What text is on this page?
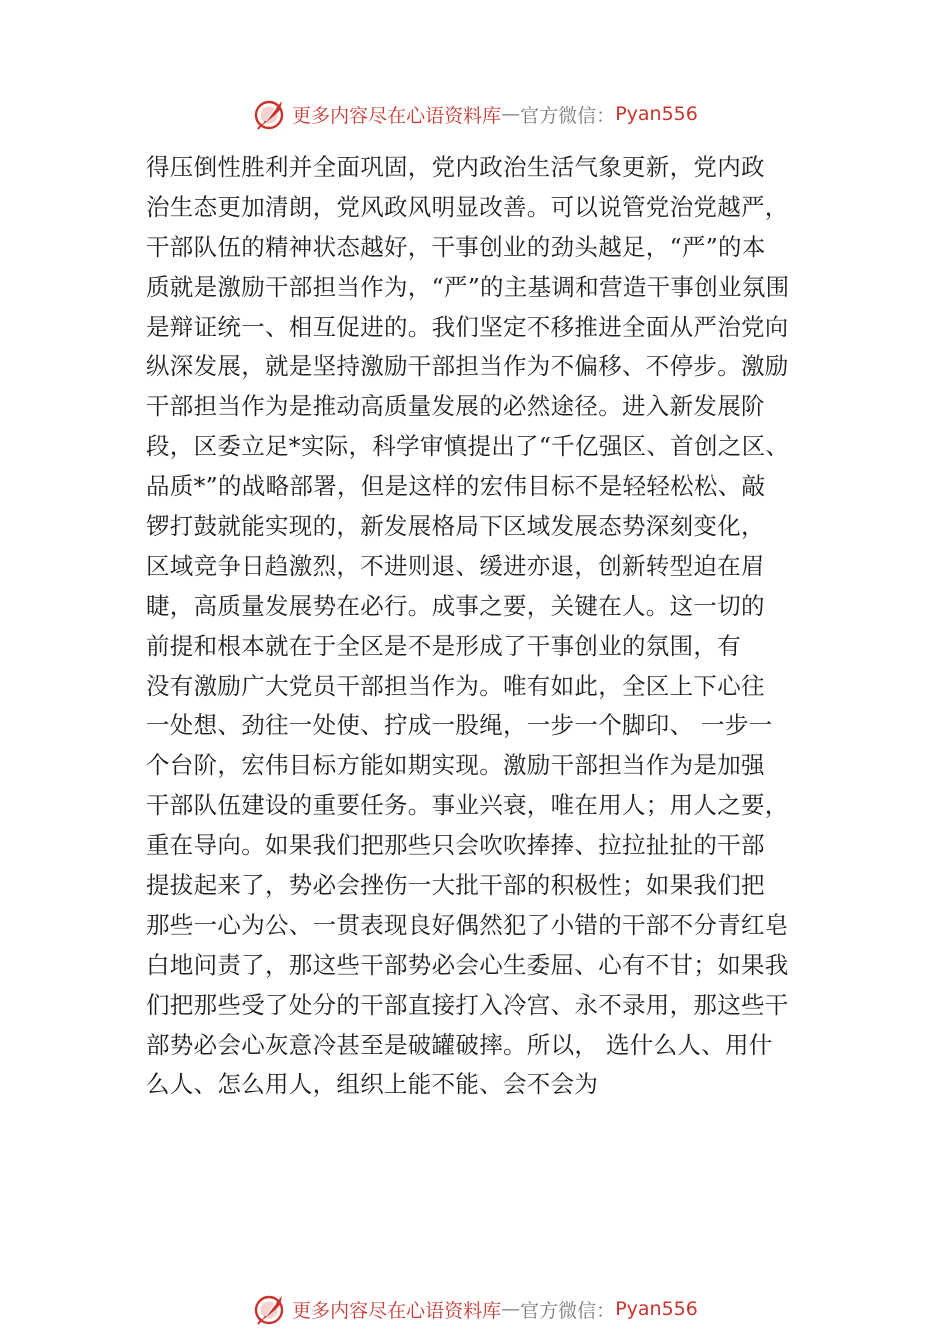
更多内容尽在心语资料库 — 官方微信： Pyan556
得压倒性胜利并全面巩固，党内政治生活气象更新，党内政
治生态更加清朗，党风政风明显改善。可以说管党治党越严，
干部队伍的精神状态越好，干事创业的劲头越足，“严”的本
质就是激励干部担当作为，“严”的主基调和营造干事创业氛围
是辩证统一、相互促进的。我们坚定不移推进全面从严治党向
纵深发展，就是坚持激励干部担当作为不偏移、不停步。激励
干部担当作为是推动高质量发展的必然途径。进入新发展阶
段，区委立足*实际，科学审慎提出了“千亿强区、首创之区、
品质*”的战略部署，但是这样的宏伟目标不是轻轻松松、敲
锣打鼓就能实现的，新发展格局下区域发展态势深刻变化，
区域竞争日趋激烈，不进则退、缓进亦退，创新转型迫在眉
睫，高质量发展势在必行。成事之要，关键在人。这一切的
前提和根本就在于全区是不是形成了干事创业的氛围，有
没有激励广大党员干部担当作为。唯有如此，全区上下心往
一处想、劲往一处使、拧成一股绳，一步一个脚印、 一步一
个台阶，宏伟目标方能如期实现。激励干部担当作为是加强
干部队伍建设的重要任务。事业兴衰，唯在用人；用人之要，
重在导向。如果我们把那些只会吹吹捧捧、拉拉扯扯的干部
提拔起来了，势必会挫伤一大批干部的积极性；如果我们把
那些一心为公、一贯表现良好偶然犯了小错的干部不分青红皂
白地问责了，那这些干部势必会心生委屈、心有不甘；如果我
们把那些受了处分的干部直接打入冷宫、永不录用，那这些干
部势必会心灰意冷甚至是破罐破摔。所以， 选什么人、用什
么人、怎么用人，组织上能不能、会不会为
更多内容尽在心语资料库 — 官方微信： Pyan556
